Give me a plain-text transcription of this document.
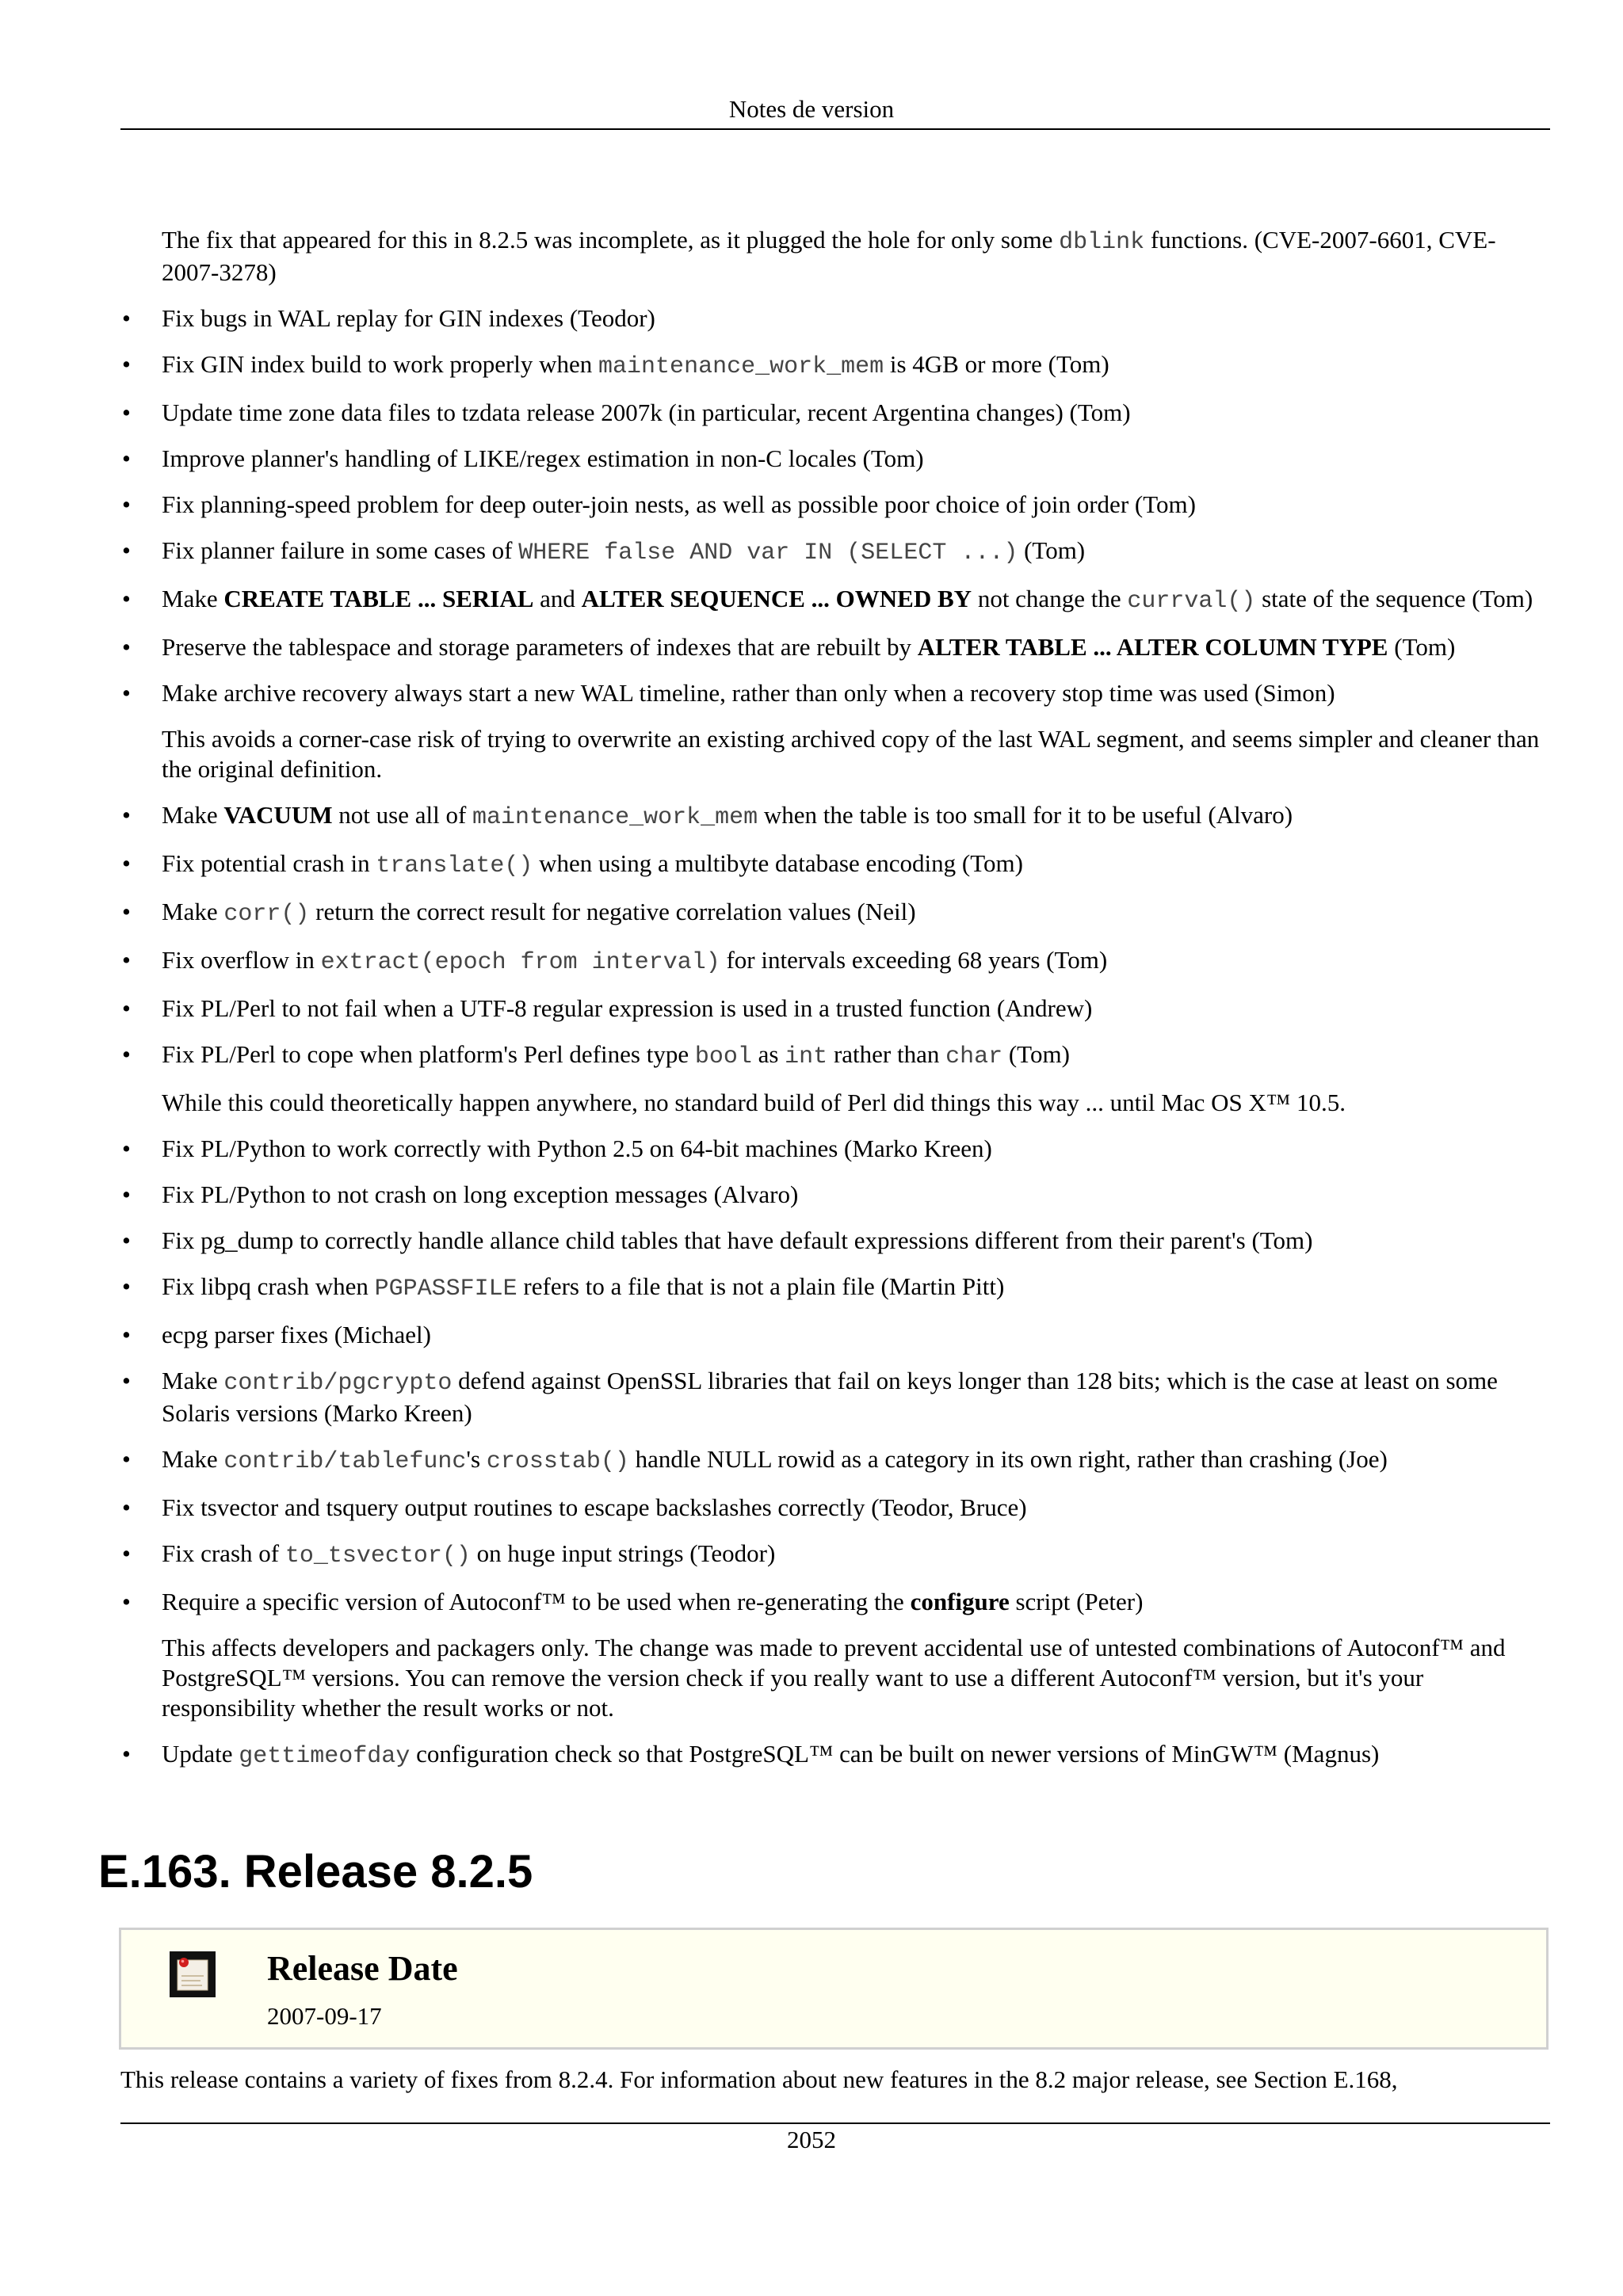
Notes de version

The fix that appeared for this in 8.2.5 was incomplete, as it plugged the hole for only some dblink functions. (CVE-2007-6601, CVE-2007-3278)

• Fix bugs in WAL replay for GIN indexes (Teodor)
• Fix GIN index build to work properly when maintenance_work_mem is 4GB or more (Tom)
• Update time zone data files to tzdata release 2007k (in particular, recent Argentina changes) (Tom)
• Improve planner's handling of LIKE/regex estimation in non-C locales (Tom)
• Fix planning-speed problem for deep outer-join nests, as well as possible poor choice of join order (Tom)
• Fix planner failure in some cases of WHERE false AND var IN (SELECT ...) (Tom)
• Make CREATE TABLE ... SERIAL and ALTER SEQUENCE ... OWNED BY not change the currval() state of the sequence (Tom)
• Preserve the tablespace and storage parameters of indexes that are rebuilt by ALTER TABLE ... ALTER COLUMN TYPE (Tom)
• Make archive recovery always start a new WAL timeline, rather than only when a recovery stop time was used (Simon)

This avoids a corner-case risk of trying to overwrite an existing archived copy of the last WAL segment, and seems simpler and cleaner than the original definition.

• Make VACUUM not use all of maintenance_work_mem when the table is too small for it to be useful (Alvaro)
• Fix potential crash in translate() when using a multibyte database encoding (Tom)
• Make corr() return the correct result for negative correlation values (Neil)
• Fix overflow in extract(epoch from interval) for intervals exceeding 68 years (Tom)
• Fix PL/Perl to not fail when a UTF-8 regular expression is used in a trusted function (Andrew)
• Fix PL/Perl to cope when platform's Perl defines type bool as int rather than char (Tom)

While this could theoretically happen anywhere, no standard build of Perl did things this way ... until Mac OS X™ 10.5.

• Fix PL/Python to work correctly with Python 2.5 on 64-bit machines (Marko Kreen)
• Fix PL/Python to not crash on long exception messages (Alvaro)
• Fix pg_dump to correctly handle allance child tables that have default expressions different from their parent's (Tom)
• Fix libpq crash when PGPASSFILE refers to a file that is not a plain file (Martin Pitt)
• ecpg parser fixes (Michael)
• Make contrib/pgcrypto defend against OpenSSL libraries that fail on keys longer than 128 bits; which is the case at least on some Solaris versions (Marko Kreen)
• Make contrib/tablefunc's crosstab() handle NULL rowid as a category in its own right, rather than crashing (Joe)
• Fix tsvector and tsquery output routines to escape backslashes correctly (Teodor, Bruce)
• Fix crash of to_tsvector() on huge input strings (Teodor)
• Require a specific version of Autoconf™ to be used when re-generating the configure script (Peter)

This affects developers and packagers only. The change was made to prevent accidental use of untested combinations of Autoconf™ and PostgreSQL™ versions. You can remove the version check if you really want to use a different Autoconf™ version, but it's your responsibility whether the result works or not.

• Update gettimeofday configuration check so that PostgreSQL™ can be built on newer versions of MinGW™ (Magnus)
E.163. Release 8.2.5
Release Date
2007-09-17
This release contains a variety of fixes from 8.2.4. For information about new features in the 8.2 major release, see Section E.168,
2052
